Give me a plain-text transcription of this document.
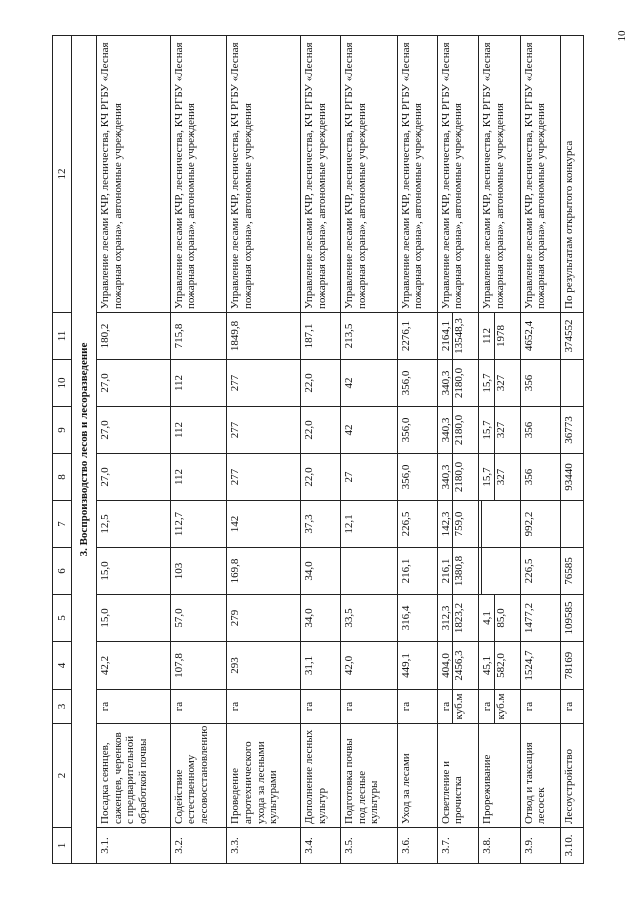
10
1	2	3	4	5	6	7	8	9	10	11	12
3. Воспроизводство лесов и лесоразведение											
3.1.	Посадка сеянцев, саженцев, черенков с предварительной обработкой почвы	га	42,2	15,0	15,0	12,5	27,0	27,0	27,0	180,2	Управление лесами КЧР, лесничества, КЧ РГБУ «Лесная пожарная охрана», автономные учреждения
3.2.	Содействие естественному лесовосстановлению	га	107,8	57,0	103	112,7	112	112	112	715,8	Управление лесами КЧР, лесничества, КЧ РГБУ «Лесная пожарная охрана», автономные учреждения
3.3.	Проведение агротехнического ухода за лесными культурами	га	293	279	169,8	142	277	277	277	1849,8	Управление лесами КЧР, лесничества, КЧ РГБУ «Лесная пожарная охрана», автономные учреждения
3.4.	Дополнение лесных культур	га	31,1	34,0	34,0	37,3	22,0	22,0	22,0	187,1	Управление лесами КЧР, лесничества, КЧ РГБУ «Лесная пожарная охрана», автономные учреждения
3.5.	Подготовка почвы под лесные культуры	га	42,0	33,5		12,1	27	42	42	213,5	Управление лесами КЧР, лесничества, КЧ РГБУ «Лесная пожарная охрана», автономные учреждения
3.6.	Уход за лесами	га	449,1	316,4	216,1	226,5	356,0	356,0	356,0	2276,1	Управление лесами КЧР, лесничества, КЧ РГБУ «Лесная пожарная охрана», автономные учреждения
3.7.	Осветление и прочистка	га куб.м	404,0 2456,3	312,3 1823,2	216,1 1380,8	142,3 759,0	340,3 2180,0	340,3 2180,0	340,3 2180,0	2164,1 13548,3	Управление лесами КЧР, лесничества, КЧ РГБУ «Лесная пожарная охрана», автономные учреждения
3.8.	Прореживание	га куб.м	45,1 582,0	4,1 85,0			15,7 327	15,7 327	15,7 327	112 1978	Управление лесами КЧР, лесничества, КЧ РГБУ «Лесная пожарная охрана», автономные учреждения
3.9.	Отвод и таксация лесосек	га	1524,7	1477,2	226,5	992,2	356	356	356	4652,4	Управление лесами КЧР, лесничества, КЧ РГБУ «Лесная пожарная охрана», автономные учреждения
3.10.	Лесоустройство	га	78169	109585	76585		93440	36773		374552	По результатам открытого конкурса
